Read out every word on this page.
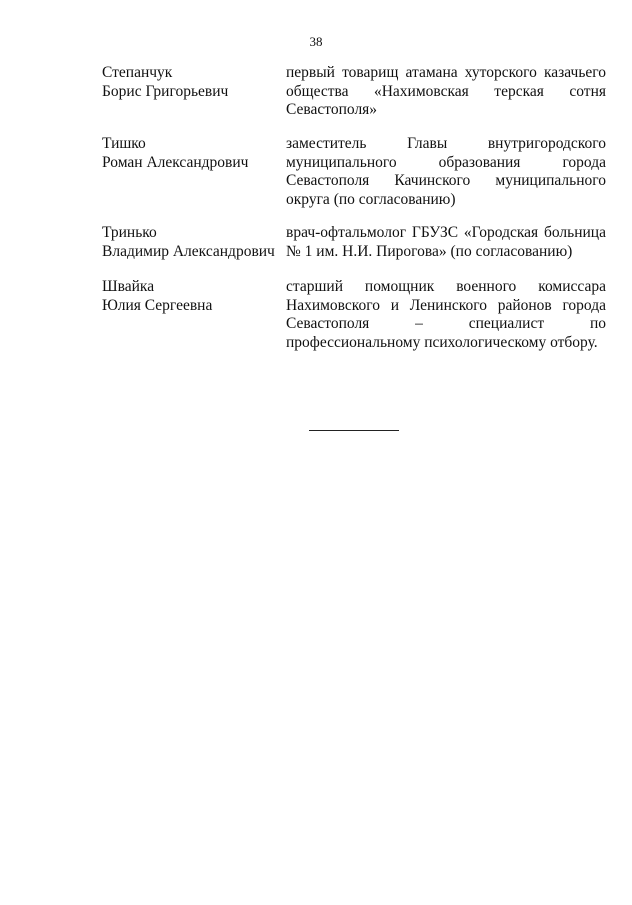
38
Степанчук
Борис Григорьевич
первый товарищ атамана хуторского казачьего общества «Нахимовская терская сотня Севастополя»
Тишко
Роман Александрович
заместитель Главы внутригородского муниципального образования города Севастополя Качинского муниципального округа (по согласованию)
Тринько
Владимир Александрович
врач-офтальмолог ГБУЗС «Городская больница № 1 им. Н.И. Пирогова» (по согласованию)
Швайка
Юлия Сергеевна
старший помощник военного комиссара Нахимовского и Ленинского районов города Севастополя – специалист по профессиональному психологическому отбору.
